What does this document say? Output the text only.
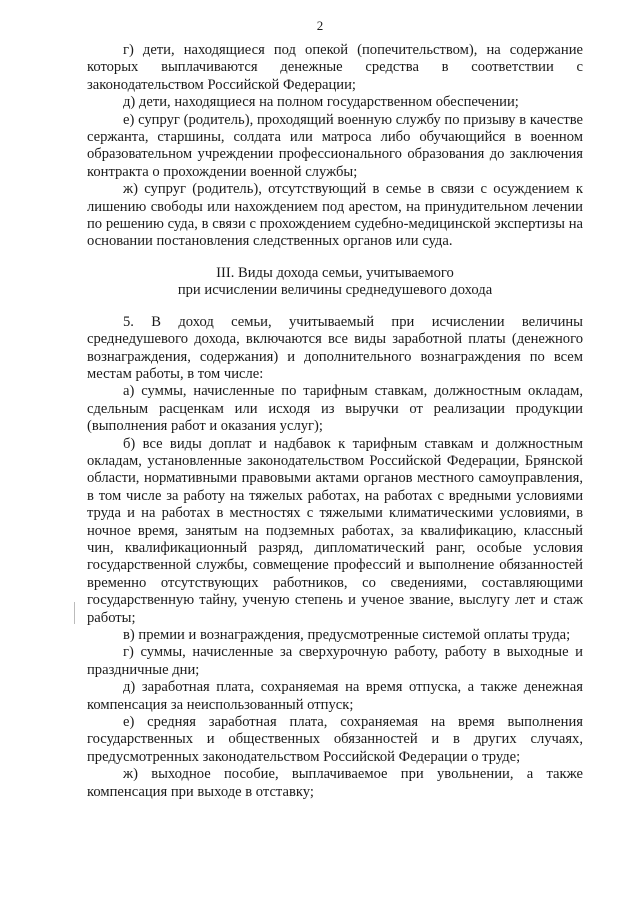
2

г) дети, находящиеся под опекой (попечительством), на содержание которых выплачиваются денежные средства в соответствии с законодательством Российской Федерации;

д) дети, находящиеся на полном государственном обеспечении;

е) супруг (родитель), проходящий военную службу по призыву в качестве сержанта, старшины, солдата или матроса либо обучающийся в военном образовательном учреждении профессионального образования до заключения контракта о прохождении военной службы;

ж) супруг (родитель), отсутствующий в семье в связи с осуждением к лишению свободы или нахождением под арестом, на принудительном лечении по решению суда, в связи с прохождением судебно-медицинской экспертизы на основании постановления следственных органов или суда.

III. Виды дохода семьи, учитываемого
при исчислении величины среднедушевого дохода

5. В доход семьи, учитываемый при исчислении величины среднедушевого дохода, включаются все виды заработной платы (денежного вознаграждения, содержания) и дополнительного вознаграждения по всем местам работы, в том числе:

а) суммы, начисленные по тарифным ставкам, должностным окладам, сдельным расценкам или исходя из выручки от реализации продукции (выполнения работ и оказания услуг);

б) все виды доплат и надбавок к тарифным ставкам и должностным окладам, установленные законодательством Российской Федерации, Брянской области, нормативными правовыми актами органов местного самоуправления, в том числе за работу на тяжелых работах, на работах с вредными условиями труда и на работах в местностях с тяжелыми климатическими условиями, в ночное время, занятым на подземных работах, за квалификацию, классный чин, квалификационный разряд, дипломатический ранг, особые условия государственной службы, совмещение профессий и выполнение обязанностей временно отсутствующих работников, со сведениями, составляющими государственную тайну, ученую степень и ученое звание, выслугу лет и стаж работы;

в) премии и вознаграждения, предусмотренные системой оплаты труда;

г) суммы, начисленные за сверхурочную работу, работу в выходные и праздничные дни;

д) заработная плата, сохраняемая на время отпуска, а также денежная компенсация за неиспользованный отпуск;

е) средняя заработная плата, сохраняемая на время выполнения государственных и общественных обязанностей и в других случаях, предусмотренных законодательством Российской Федерации о труде;

ж) выходное пособие, выплачиваемое при увольнении, а также компенсация при выходе в отставку;
